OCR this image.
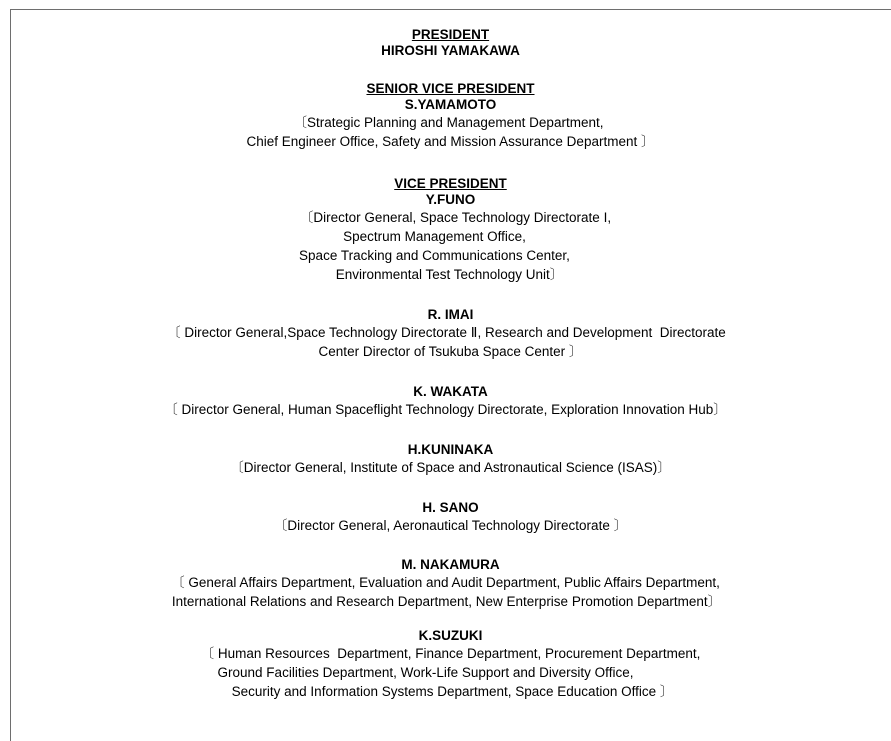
PRESIDENT
HIROSHI YAMAKAWA
SENIOR VICE PRESIDENT
S.YAMAMOTO
〔Strategic Planning and Management Department,
Chief Engineer Office, Safety and Mission Assurance Department 〕
VICE PRESIDENT
Y.FUNO
〔Director General, Space Technology Directorate I,
Spectrum Management Office,
Space Tracking and Communications Center,
Environmental Test Technology Unit〕
R. IMAI
〔 Director General,Space Technology Directorate Ⅱ, Research and Development  Directorate
Center Director of Tsukuba Space Center 〕
K. WAKATA
〔 Director General, Human Spaceflight Technology Directorate, Exploration Innovation Hub〕
H.KUNINAKA
〔Director General, Institute of Space and Astronautical Science (ISAS)〕
H. SANO
〔Director General, Aeronautical Technology Directorate 〕
M. NAKAMURA
〔 General Affairs Department, Evaluation and Audit Department, Public Affairs Department,
International Relations and Research Department, New Enterprise Promotion Department〕
K.SUZUKI
〔 Human Resources  Department, Finance Department, Procurement Department,
Ground Facilities Department, Work-Life Support and Diversity Office,
Security and Information Systems Department, Space Education Office 〕
